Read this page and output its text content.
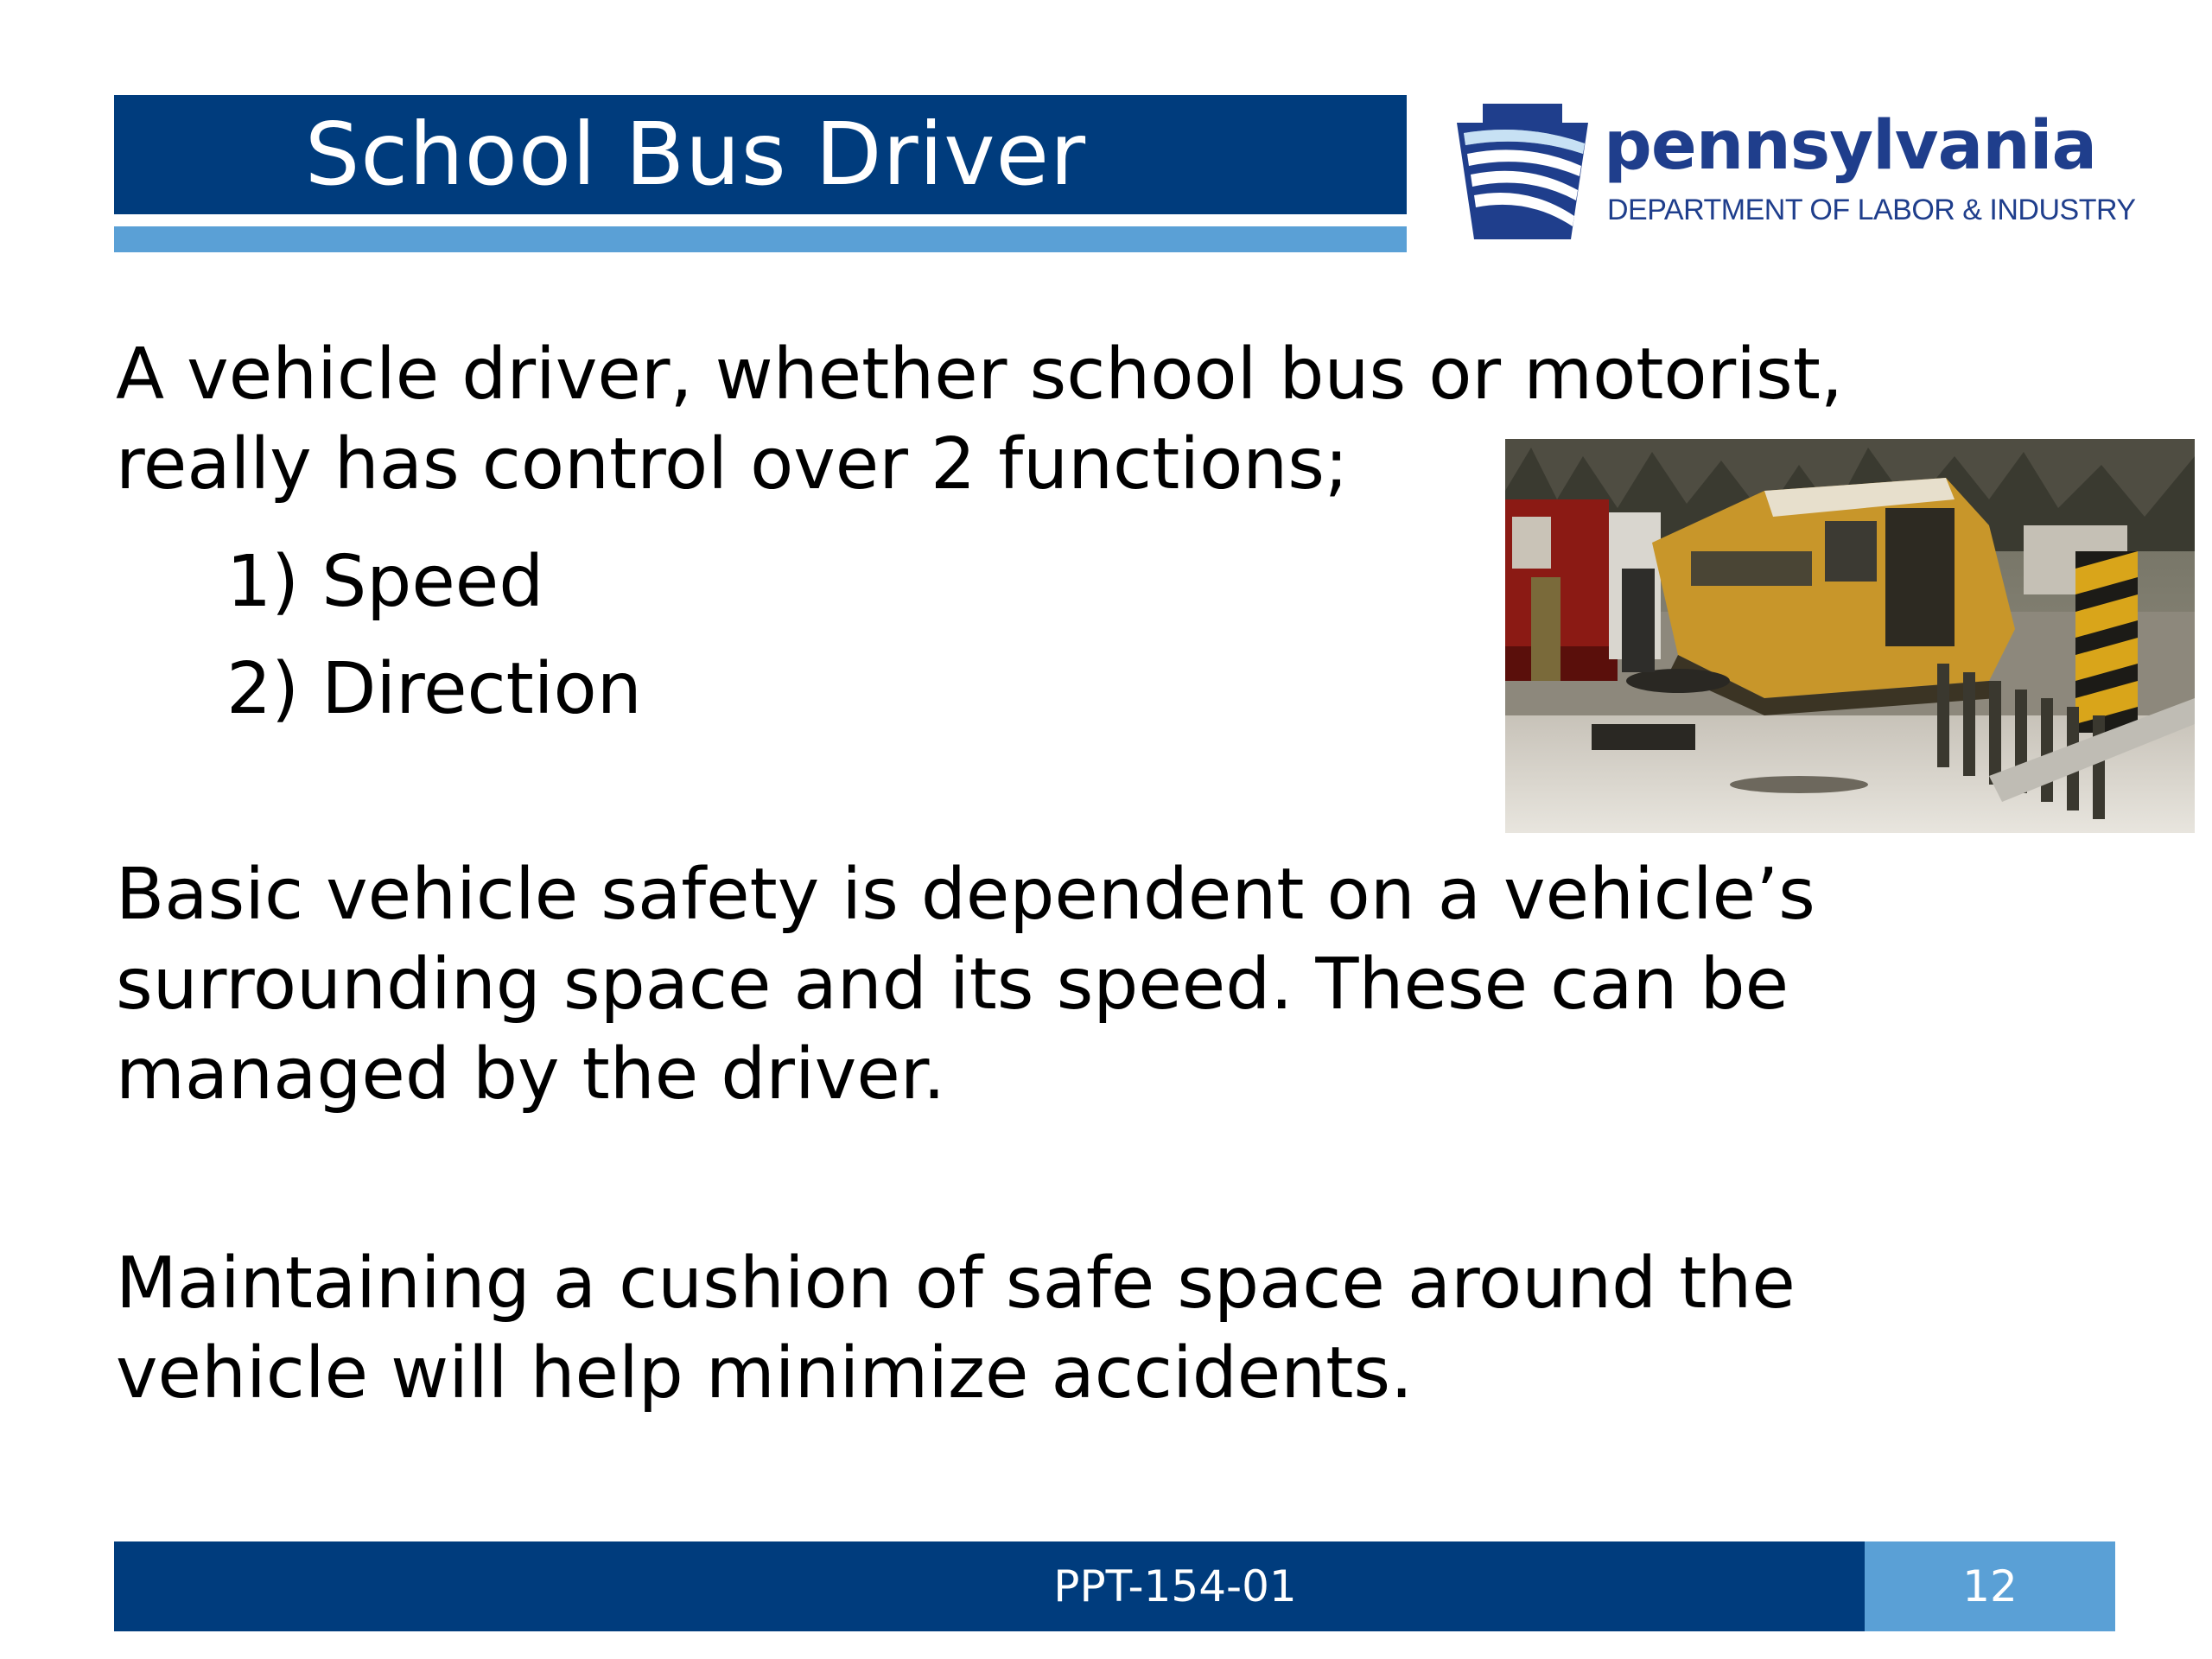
School Bus Driver	pennsylvania
DEPARTMENT OF LABOR & INDUSTRY
A vehicle driver, whether school bus or motorist, really has control over 2 functions;
1) Speed
2) Direction
Basic vehicle safety is dependent on a vehicle’s surrounding space and its speed. These can be managed by the driver.
Maintaining a cushion of safe space around the vehicle will help minimize accidents.
PPT-154-01	12
